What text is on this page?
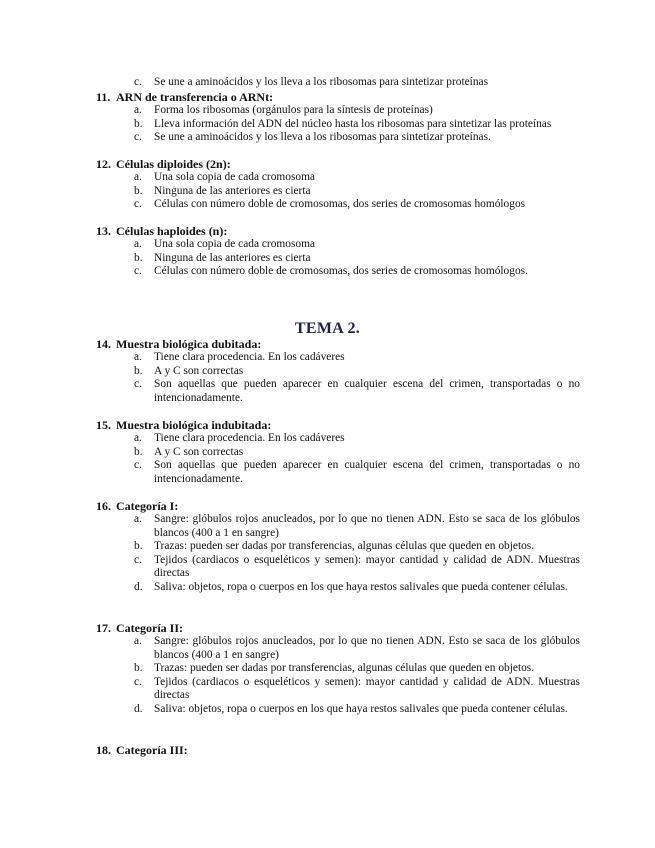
c. Se une a aminoácidos y los lleva a los ribosomas para sintetizar proteínas
TEMA 2.
11. ARN de transferencia o ARNt:
a. Forma los ribosomas (orgánulos para la síntesis de proteínas)
b. Lleva información del ADN del núcleo hasta los ribosomas para sintetizar las proteínas
c. Se une a aminoácidos y los lleva a los ribosomas para sintetizar proteínas.
12. Células diploides (2n):
a. Una sola copia de cada cromosoma
b. Ninguna de las anteriores es cierta
c. Células con número doble de cromosomas, dos series de cromosomas homólogos
13. Células haploides (n):
a. Una sola copia de cada cromosoma
b. Ninguna de las anteriores es cierta
c. Células con número doble de cromosomas, dos series de cromosomas homólogos.
14. Muestra biológica dubitada:
a. Tiene clara procedencia. En los cadáveres
b. A y C son correctas
c. Son aquellas que pueden aparecer en cualquier escena del crimen, transportadas o no intencionadamente.
15. Muestra biológica indubitada:
a. Tiene clara procedencia. En los cadáveres
b. A y C son correctas
c. Son aquellas que pueden aparecer en cualquier escena del crimen, transportadas o no intencionadamente.
16. Categoría I:
a. Sangre: glóbulos rojos anucleados, por lo que no tienen ADN. Esto se saca de los glóbulos blancos (400 a 1 en sangre)
b. Trazas: pueden ser dadas por transferencias, algunas células que queden en objetos.
c. Tejidos (cardiacos o esqueléticos y semen): mayor cantidad y calidad de ADN. Muestras directas
d. Saliva: objetos, ropa o cuerpos en los que haya restos salivales que pueda contener células.
17. Categoría II:
a. Sangre: glóbulos rojos anucleados, por lo que no tienen ADN. Esto se saca de los glóbulos blancos (400 a 1 en sangre)
b. Trazas: pueden ser dadas por transferencias, algunas células que queden en objetos.
c. Tejidos (cardiacos o esqueléticos y semen): mayor cantidad y calidad de ADN. Muestras directas
d. Saliva: objetos, ropa o cuerpos en los que haya restos salivales que pueda contener células.
18. Categoría III:
